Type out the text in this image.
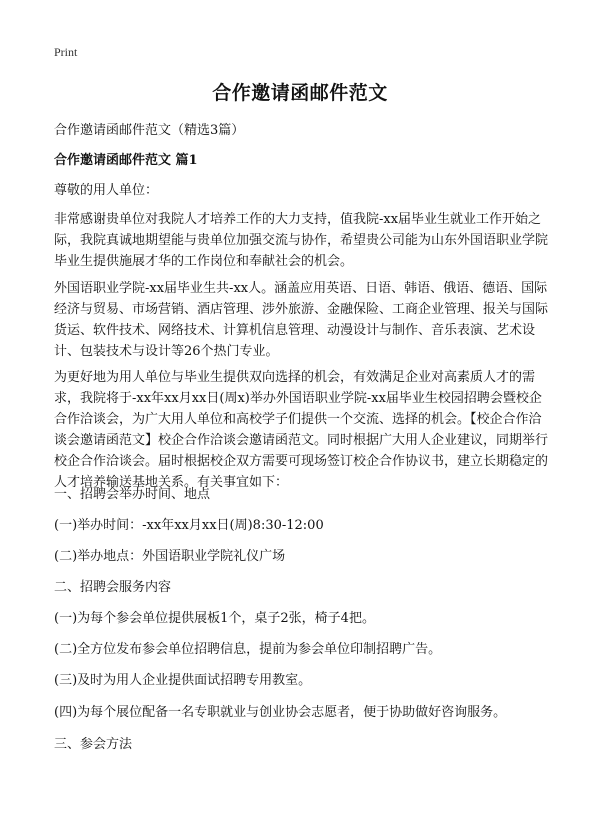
Print
合作邀请函邮件范文
合作邀请函邮件范文（精选3篇）
合作邀请函邮件范文 篇1
尊敬的用人单位：
非常感谢贵单位对我院人才培养工作的大力支持，值我院-xx届毕业生就业工作开始之际，我院真诚地期望能与贵单位加强交流与协作，希望贵公司能为山东外国语职业学院毕业生提供施展才华的工作岗位和奉献社会的机会。
外国语职业学院-xx届毕业生共-xx人。涵盖应用英语、日语、韩语、俄语、德语、国际经济与贸易、市场营销、酒店管理、涉外旅游、金融保险、工商企业管理、报关与国际货运、软件技术、网络技术、计算机信息管理、动漫设计与制作、音乐表演、艺术设计、包装技术与设计等26个热门专业。
为更好地为用人单位与毕业生提供双向选择的机会，有效满足企业对高素质人才的需求，我院将于-xx年xx月xx日(周x)举办外国语职业学院-xx届毕业生校园招聘会暨校企合作洽谈会，为广大用人单位和高校学子们提供一个交流、选择的机会。【校企合作洽谈会邀请函范文】校企合作洽谈会邀请函范文。同时根据广大用人企业建议，同期举行校企合作洽谈会。届时根据校企双方需要可现场签订校企合作协议书，建立长期稳定的人才培养输送基地关系。有关事宜如下：
一、招聘会举办时间、地点
(一)举办时间：-xx年xx月xx日(周)8:30-12:00
(二)举办地点：外国语职业学院礼仪广场
二、招聘会服务内容
(一)为每个参会单位提供展板1个，桌子2张，椅子4把。
(二)全方位发布参会单位招聘信息，提前为参会单位印制招聘广告。
(三)及时为用人企业提供面试招聘专用教室。
(四)为每个展位配备一名专职就业与创业协会志愿者，便于协助做好咨询服务。
三、参会方法
